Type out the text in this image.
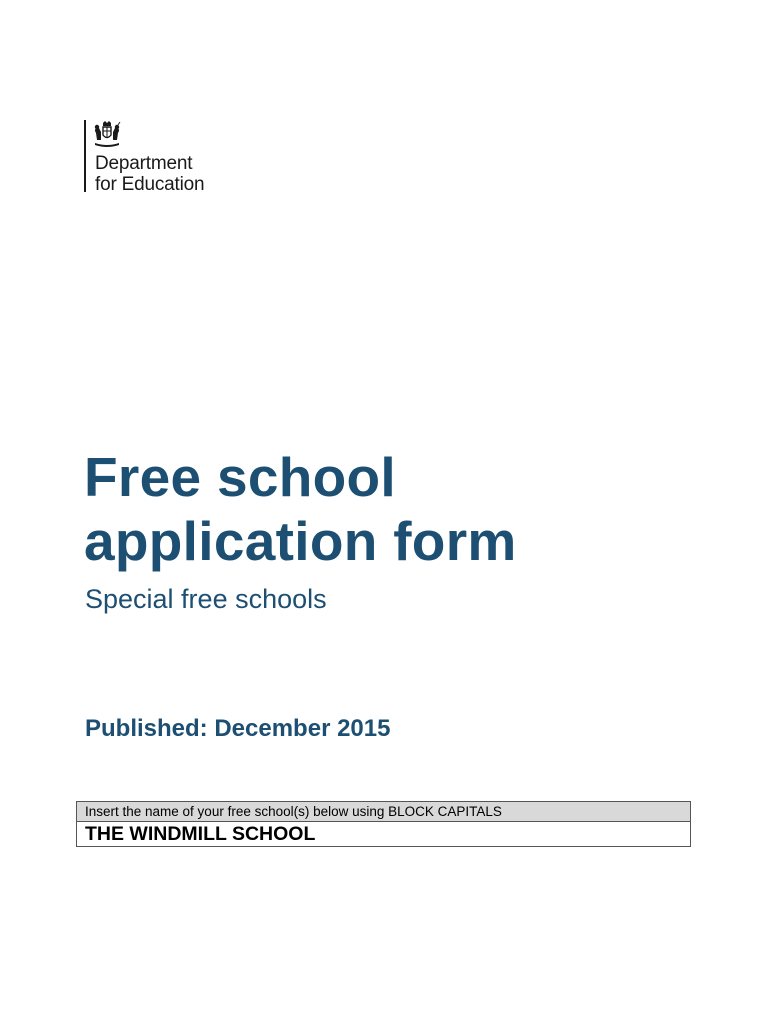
Department
for Education
Free school
application form
Special free schools
Published: December 2015
Insert the name of your free school(s) below using BLOCK CAPITALS
THE WINDMILL SCHOOL
